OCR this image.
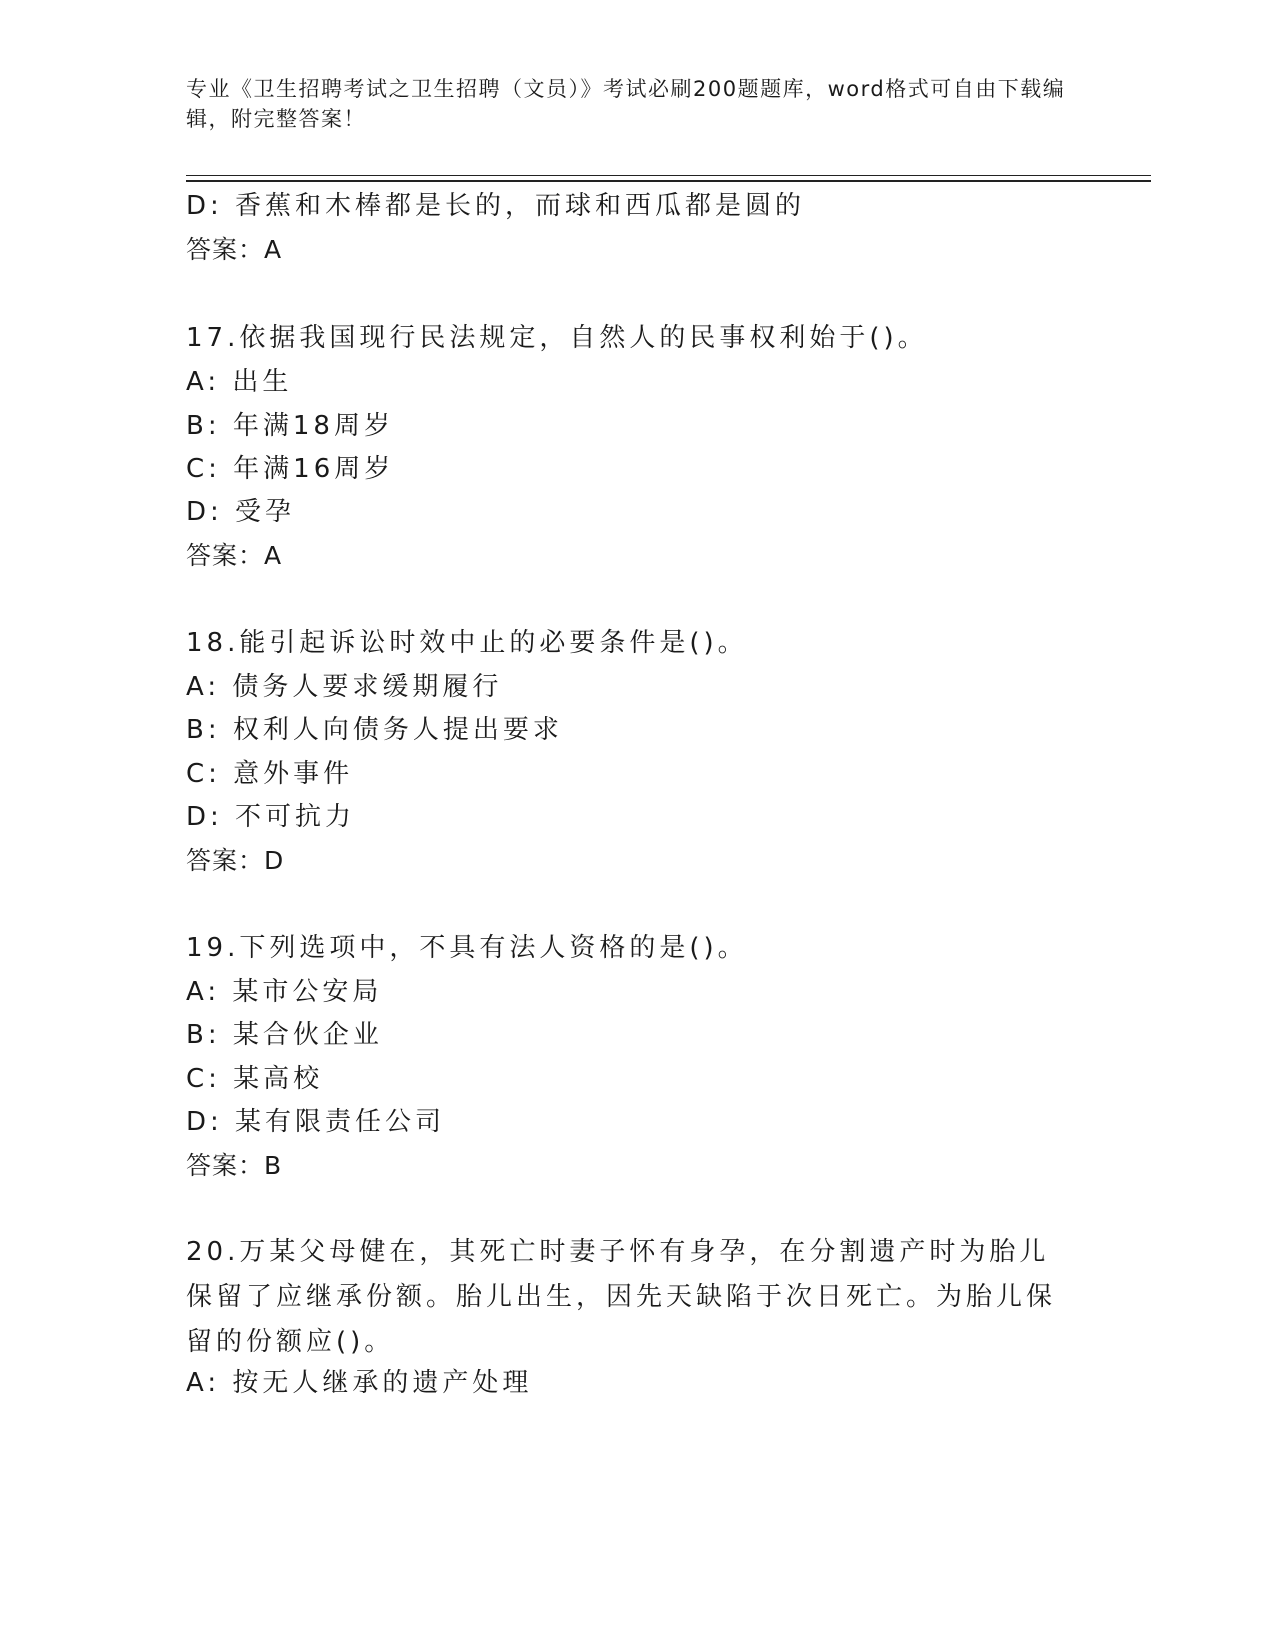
专业《卫生招聘考试之卫生招聘（文员）》考试必刷200题题库，word格式可自由下载编辑，附完整答案！
D: 香蕉和木棒都是长的，而球和西瓜都是圆的
答案：A
17.依据我国现行民法规定，自然人的民事权利始于()。
A: 出生
B: 年满18周岁
C: 年满16周岁
D: 受孕
答案：A
18.能引起诉讼时效中止的必要条件是()。
A: 债务人要求缓期履行
B: 权利人向债务人提出要求
C: 意外事件
D: 不可抗力
答案：D
19.下列选项中，不具有法人资格的是()。
A: 某市公安局
B: 某合伙企业
C: 某高校
D: 某有限责任公司
答案：B
20.万某父母健在，其死亡时妻子怀有身孕，在分割遗产时为胎儿保留了应继承份额。胎儿出生，因先天缺陷于次日死亡。为胎儿保留的份额应()。
A: 按无人继承的遗产处理
